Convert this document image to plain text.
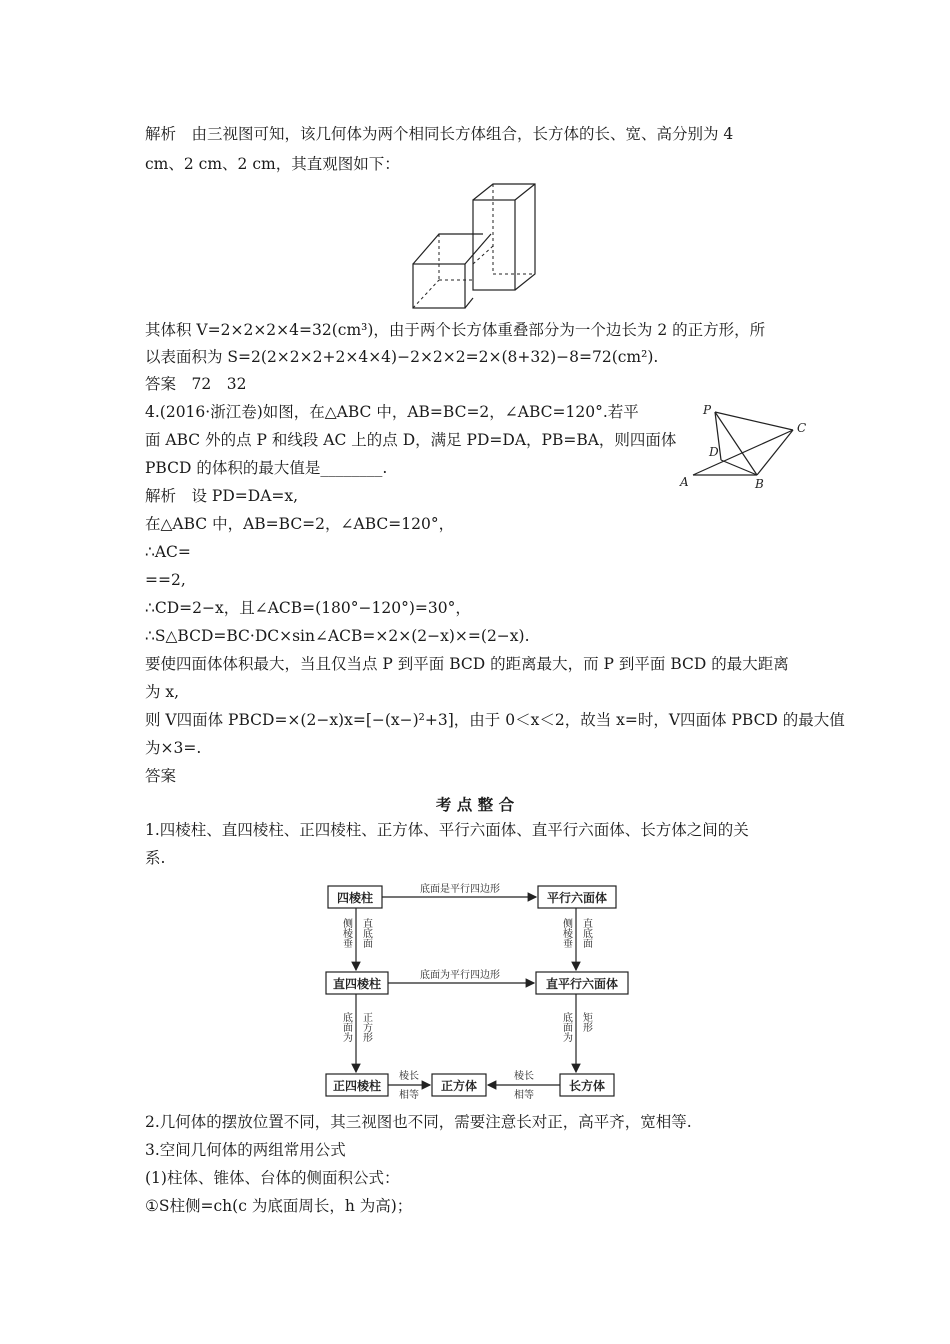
解析　由三视图可知，该几何体为两个相同长方体组合，长方体的长、宽、高分别为 4
cm、2 cm、2 cm，其直观图如下：
其体积 V=2×2×2×4=32(cm³)，由于两个长方体重叠部分为一个边长为 2 的正方形，所
以表面积为 S=2(2×2×2+2×4×4)−2×2×2=2×(8+32)−8=72(cm²).
答案　72　32
4.(2016·浙江卷)如图，在△ABC 中，AB=BC=2，∠ABC=120°.若平
面 ABC 外的点 P 和线段 AC 上的点 D，满足 PD=DA，PB=BA，则四面体
PBCD 的体积的最大值是________.
P
C
D
A	B
解析　设 PD=DA=x,
在△ABC 中，AB=BC=2，∠ABC=120°，
∴AC=
==2,
∴CD=2−x，且∠ACB=(180°−120°)=30°，
∴S△BCD=BC·DC×sin∠ACB=×2×(2−x)×=(2−x).
要使四面体体积最大，当且仅当点 P 到平面 BCD 的距离最大，而 P 到平面 BCD 的最大距离
为 x,
则 V四面体 PBCD=×(2−x)x=[−(x−)²+3]，由于 0＜x＜2，故当 x=时，V四面体 PBCD 的最大值
为×3=.
答案
考 点 整 合
1.四棱柱、直四棱柱、正四棱柱、正方体、平行六面体、直平行六面体、长方体之间的关
系.
四棱柱	平行六面体
直四棱柱	直平行六面体
正四棱柱	正方体	长方体
底面是平行四边形
底面为平行四边形
侧棱垂 直底面	侧棱垂 直底面
底面为 正方形	底面为 矩形
棱长
相等
棱长
相等
2.几何体的摆放位置不同，其三视图也不同，需要注意长对正，高平齐，宽相等.
3.空间几何体的两组常用公式
(1)柱体、锥体、台体的侧面积公式：
①S柱侧=ch(c 为底面周长，h 为高)；
